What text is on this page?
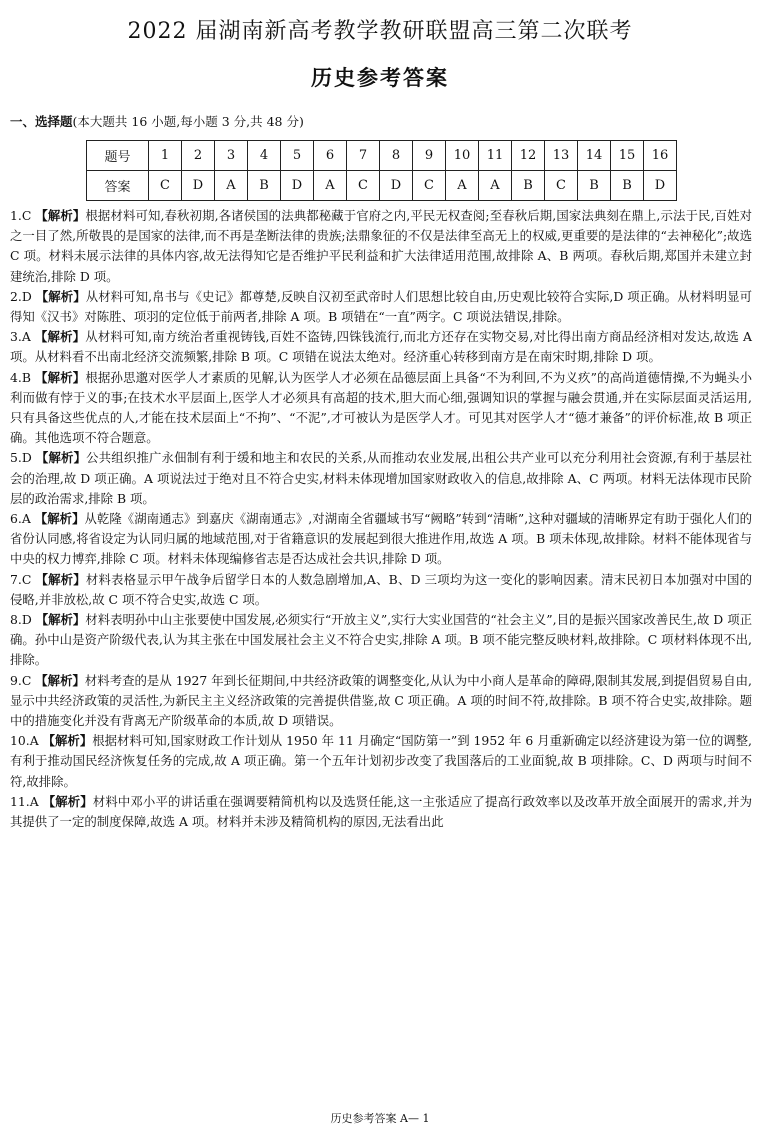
2022 届湖南新高考教学教研联盟高三第二次联考
历史参考答案
一、选择题(本大题共 16 小题,每小题 3 分,共 48 分)
题号	1	2	3	4	5	6	7	8	9	10	11	12	13	14	15	16
答案	C	D	A	B	D	A	C	D	C	A	A	B	C	B	B	D
1.C 【解析】根据材料可知,春秋初期,各诸侯国的法典都秘藏于官府之内,平民无权查阅;至春秋后期,国家法典刻在鼎上,示法于民,百姓对之一目了然,所敬畏的是国家的法律,而不再是垄断法律的贵族;法鼎象征的不仅是法律至高无上的权威,更重要的是法律的“去神秘化”;故选 C 项。材料未展示法律的具体内容,故无法得知它是否维护平民利益和扩大法律适用范围,故排除 A、B 两项。春秋后期,郑国并未建立封建统治,排除 D 项。
2.D 【解析】从材料可知,帛书与《史记》都尊楚,反映自汉初至武帝时人们思想比较自由,历史观比较符合实际,D 项正确。从材料明显可得知《汉书》对陈胜、项羽的定位低于前两者,排除 A 项。B 项错在“一直”两字。C 项说法错误,排除。
3.A 【解析】从材料可知,南方统治者重视铸钱,百姓不盗铸,四铢钱流行,而北方还存在实物交易,对比得出南方商品经济相对发达,故选 A 项。从材料看不出南北经济交流频繁,排除 B 项。C 项错在说法太绝对。经济重心转移到南方是在南宋时期,排除 D 项。
4.B 【解析】根据孙思邈对医学人才素质的见解,认为医学人才必须在品德层面上具备“不为利回,不为义疚”的高尚道德情操,不为蝇头小利而做有悖于义的事;在技术水平层面上,医学人才必须具有高超的技术,胆大而心细,强调知识的掌握与融会贯通,并在实际层面灵活运用,只有具备这些优点的人,才能在技术层面上“不拘”、“不泥”,才可被认为是医学人才。可见其对医学人才“德才兼备”的评价标准,故 B 项正确。其他选项不符合题意。
5.D 【解析】公共组织推广永佃制有利于缓和地主和农民的关系,从而推动农业发展,出租公共产业可以充分利用社会资源,有利于基层社会的治理,故 D 项正确。A 项说法过于绝对且不符合史实,材料未体现增加国家财政收入的信息,故排除 A、C 两项。材料无法体现市民阶层的政治需求,排除 B 项。
6.A 【解析】从乾隆《湖南通志》到嘉庆《湖南通志》,对湖南全省疆域书写“阙略”转到“清晰”,这种对疆域的清晰界定有助于强化人们的省份认同感,将省设定为认同归属的地域范围,对于省籍意识的发展起到很大推进作用,故选 A 项。B 项未体现,故排除。材料不能体现省与中央的权力博弈,排除 C 项。材料未体现编修省志是否达成社会共识,排除 D 项。
7.C 【解析】材料表格显示甲午战争后留学日本的人数急剧增加,A、B、D 三项均为这一变化的影响因素。清末民初日本加强对中国的侵略,并非放松,故 C 项不符合史实,故选 C 项。
8.D 【解析】材料表明孙中山主张要使中国发展,必须实行“开放主义”,实行大实业国营的“社会主义”,目的是振兴国家改善民生,故 D 项正确。孙中山是资产阶级代表,认为其主张在中国发展社会主义不符合史实,排除 A 项。B 项不能完整反映材料,故排除。C 项材料体现不出,排除。
9.C 【解析】材料考查的是从 1927 年到长征期间,中共经济政策的调整变化,从认为中小商人是革命的障碍,限制其发展,到提倡贸易自由,显示中共经济政策的灵活性,为新民主主义经济政策的完善提供借鉴,故 C 项正确。A 项的时间不符,故排除。B 项不符合史实,故排除。题中的措施变化并没有背离无产阶级革命的本质,故 D 项错误。
10.A 【解析】根据材料可知,国家财政工作计划从 1950 年 11 月确定“国防第一”到 1952 年 6 月重新确定以经济建设为第一位的调整,有利于推动国民经济恢复任务的完成,故 A 项正确。第一个五年计划初步改变了我国落后的工业面貌,故 B 项排除。C、D 两项与时间不符,故排除。
11.A 【解析】材料中邓小平的讲话重在强调要精简机构以及选贤任能,这一主张适应了提高行政效率以及改革开放全面展开的需求,并为其提供了一定的制度保障,故选 A 项。材料并未涉及精简机构的原因,无法看出此
历史参考答案 A— 1
